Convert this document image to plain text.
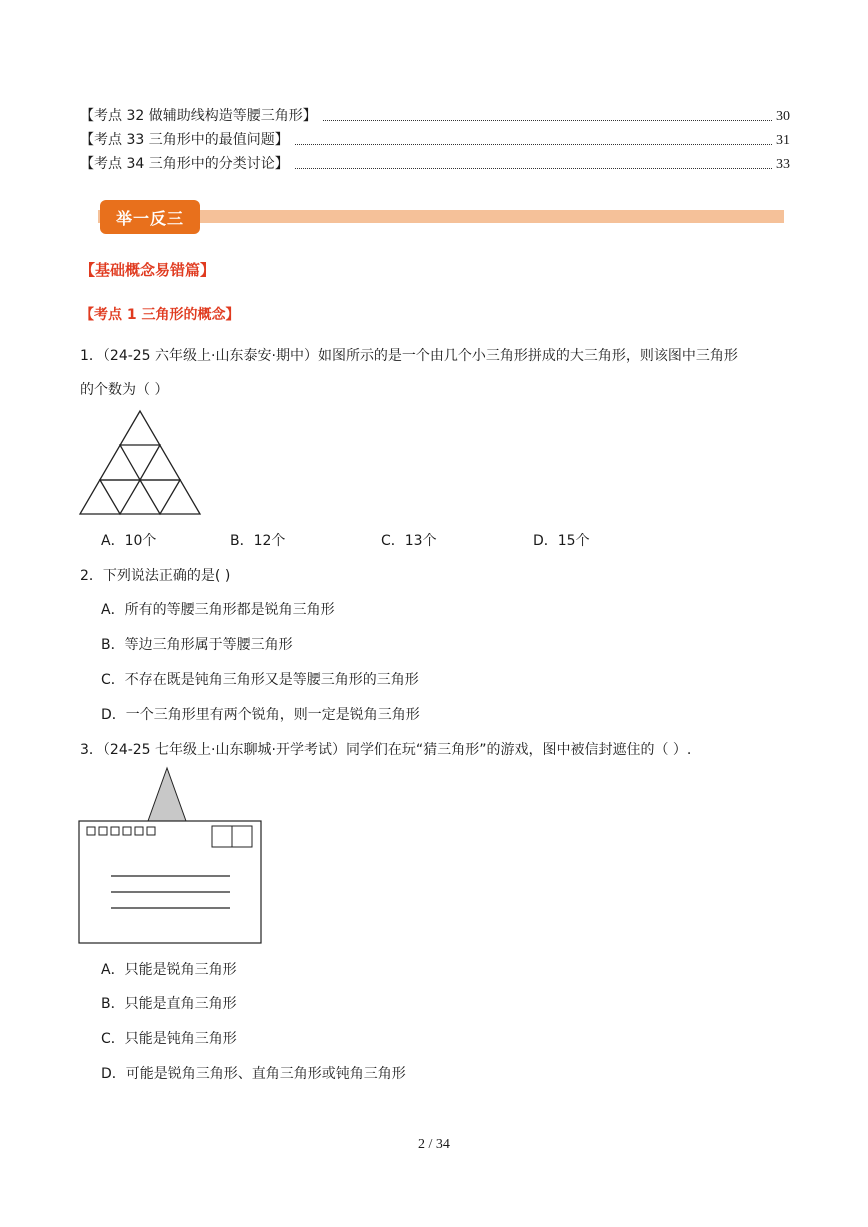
【考点 32 做辅助线构造等腰三角形】	30
【考点 33 三角形中的最值问题】	31
【考点 34 三角形中的分类讨论】	33
举一反三
【基础概念易错篇】
【考点 1 三角形的概念】
1．（24-25 六年级上·山东泰安·期中）如图所示的是一个由几个小三角形拼成的大三角形，则该图中三角形
的个数为（ ）
A．10个	B．12个	C．13个	D．15个
2．下列说法正确的是( )
A．所有的等腰三角形都是锐角三角形
B．等边三角形属于等腰三角形
C．不存在既是钝角三角形又是等腰三角形的三角形
D．一个三角形里有两个锐角，则一定是锐角三角形
3．（24-25 七年级上·山东聊城·开学考试）同学们在玩“猜三角形”的游戏，图中被信封遮住的（ ）.
A．只能是锐角三角形
B．只能是直角三角形
C．只能是钝角三角形
D．可能是锐角三角形、直角三角形或钝角三角形
2 / 34
